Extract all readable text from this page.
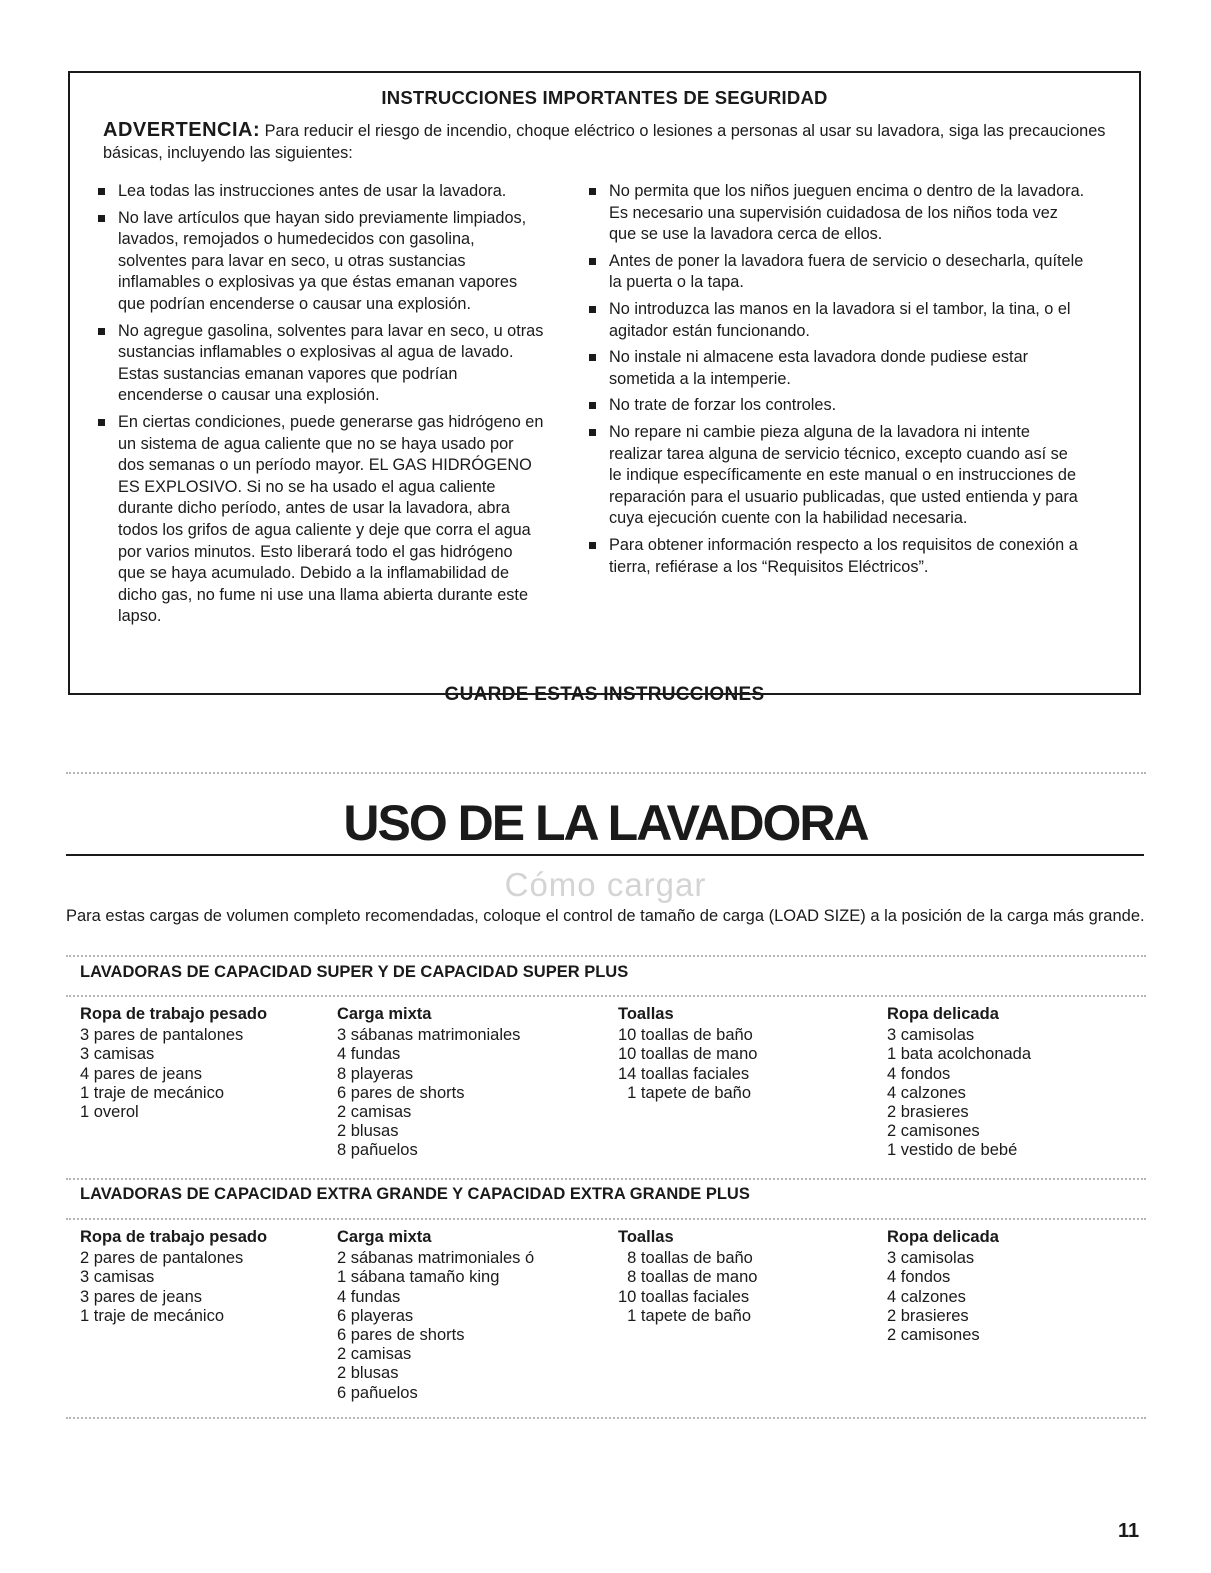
INSTRUCCIONES IMPORTANTES DE SEGURIDAD
ADVERTENCIA: Para reducir el riesgo de incendio, choque eléctrico o lesiones a personas al usar su lavadora, siga las precauciones básicas, incluyendo las siguientes:
Lea todas las instrucciones antes de usar la lavadora.
No lave artículos que hayan sido previamente limpiados, lavados, remojados o humedecidos con gasolina, solventes para lavar en seco, u otras sustancias inflamables o explosivas ya que éstas emanan vapores que podrían encenderse o causar una explosión.
No agregue gasolina, solventes para lavar en seco, u otras sustancias inflamables o explosivas al agua de lavado. Estas sustancias emanan vapores que podrían encenderse o causar una explosión.
En ciertas condiciones, puede generarse gas hidrógeno en un sistema de agua caliente que no se haya usado por dos semanas o un período mayor. EL GAS HIDRÓGENO ES EXPLOSIVO. Si no se ha usado el agua caliente durante dicho período, antes de usar la lavadora, abra todos los grifos de agua caliente y deje que corra el agua por varios minutos. Esto liberará todo el gas hidrógeno que se haya acumulado. Debido a la inflamabilidad de dicho gas, no fume ni use una llama abierta durante este lapso.
No permita que los niños jueguen encima o dentro de la lavadora. Es necesario una supervisión cuidadosa de los niños toda vez que se use la lavadora cerca de ellos.
Antes de poner la lavadora fuera de servicio o desecharla, quítele la puerta o la tapa.
No introduzca las manos en la lavadora si el tambor, la tina, o el agitador están funcionando.
No instale ni almacene esta lavadora donde pudiese estar sometida a la intemperie.
No trate de forzar los controles.
No repare ni cambie pieza alguna de la lavadora ni intente realizar tarea alguna de servicio técnico, excepto cuando así se le indique específicamente en este manual o en instrucciones de reparación para el usuario publicadas, que usted entienda y para cuya ejecución cuente con la habilidad necesaria.
Para obtener información respecto a los requisitos de conexión a tierra, refiérase a los “Requisitos Eléctricos”.
GUARDE ESTAS INSTRUCCIONES
USO DE LA LAVADORA
Cómo cargar
Para estas cargas de volumen completo recomendadas, coloque el control de tamaño de carga (LOAD SIZE) a la posición de la carga más grande.
LAVADORAS DE CAPACIDAD SUPER Y DE CAPACIDAD SUPER PLUS
Ropa de trabajo pesado
3 pares de pantalones
3 camisas
4 pares de jeans
1 traje de mecánico
1 overol
Carga mixta
3 sábanas matrimoniales
4 fundas
8 playeras
6 pares de shorts
2 camisas
2 blusas
8 pañuelos
Toallas
10 toallas de baño
10 toallas de mano
14 toallas faciales
1 tapete de baño
Ropa delicada
3 camisolas
1 bata acolchonada
4 fondos
4 calzones
2 brasieres
2 camisones
1 vestido de bebé
LAVADORAS DE CAPACIDAD EXTRA GRANDE Y CAPACIDAD EXTRA GRANDE PLUS
Ropa de trabajo pesado
2 pares de pantalones
3 camisas
3 pares de jeans
1 traje de mecánico
Carga mixta
2 sábanas matrimoniales ó
1 sábana tamaño king
4 fundas
6 playeras
6 pares de shorts
2 camisas
2 blusas
6 pañuelos
Toallas
8 toallas de baño
8 toallas de mano
10 toallas faciales
1 tapete de baño
Ropa delicada
3 camisolas
4 fondos
4 calzones
2 brasieres
2 camisones
11
